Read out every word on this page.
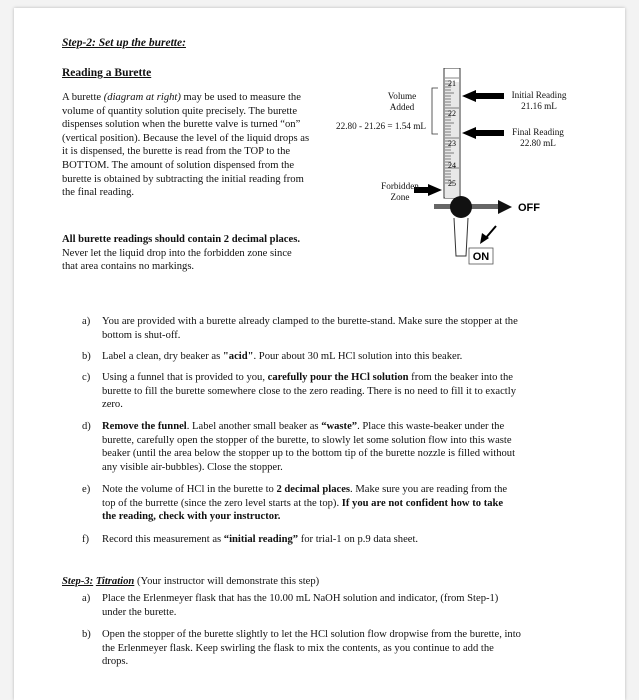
Step-2: Set up the burette:
Reading a Burette
A burette (diagram at right) may be used to measure the volume of quantity solution quite precisely. The burette dispenses solution when the burette valve is turned “on” (vertical position). Because the level of the liquid drops as it is dispensed, the burette is read from the TOP to the BOTTOM. The amount of solution dispensed from the burette is obtained by subtracting the initial reading from the final reading.
All burette readings should contain 2 decimal places. Never let the liquid drop into the forbidden zone since that area contains no markings.
21
22
23
24
25
ON
OFF
Volume
Added
22.80 - 21.26 = 1.54 mL
Forbidden
Zone
Initial Reading
21.16 mL
Final Reading
22.80 mL
a) You are provided with a burette already clamped to the burette-stand. Make sure the stopper at the
bottom is shut-off.
b) Label a clean, dry beaker as "acid". Pour about 30 mL HCl solution into this beaker.
c) Using a funnel that is provided to you, carefully pour the HCl solution from the beaker into the
burette to fill the burette somewhere close to the zero reading. There is no need to fill it to exactly
zero.
d) Remove the funnel. Label another small beaker as “waste”. Place this waste-beaker under the
burette, carefully open the stopper of the burette, to slowly let some solution flow into this waste
beaker (until the area below the stopper up to the bottom tip of the burette nozzle is filled without
any visible air-bubbles). Close the stopper.
e) Note the volume of HCl in the burette to 2 decimal places. Make sure you are reading from the
top of the burrette (since the zero level starts at the top). If you are not confident how to take
the reading, check with your instructor.
f) Record this measurement as “initial reading” for trial-1 on p.9 data sheet.
Step-3: Titration (Your instructor will demonstrate this step)
a) Place the Erlenmeyer flask that has the 10.00 mL NaOH solution and indicator, (from Step-1)
under the burette.
b) Open the stopper of the burette slightly to let the HCl solution flow dropwise from the burette, into
the Erlenmeyer flask. Keep swirling the flask to mix the contents, as you continue to add the
drops.
